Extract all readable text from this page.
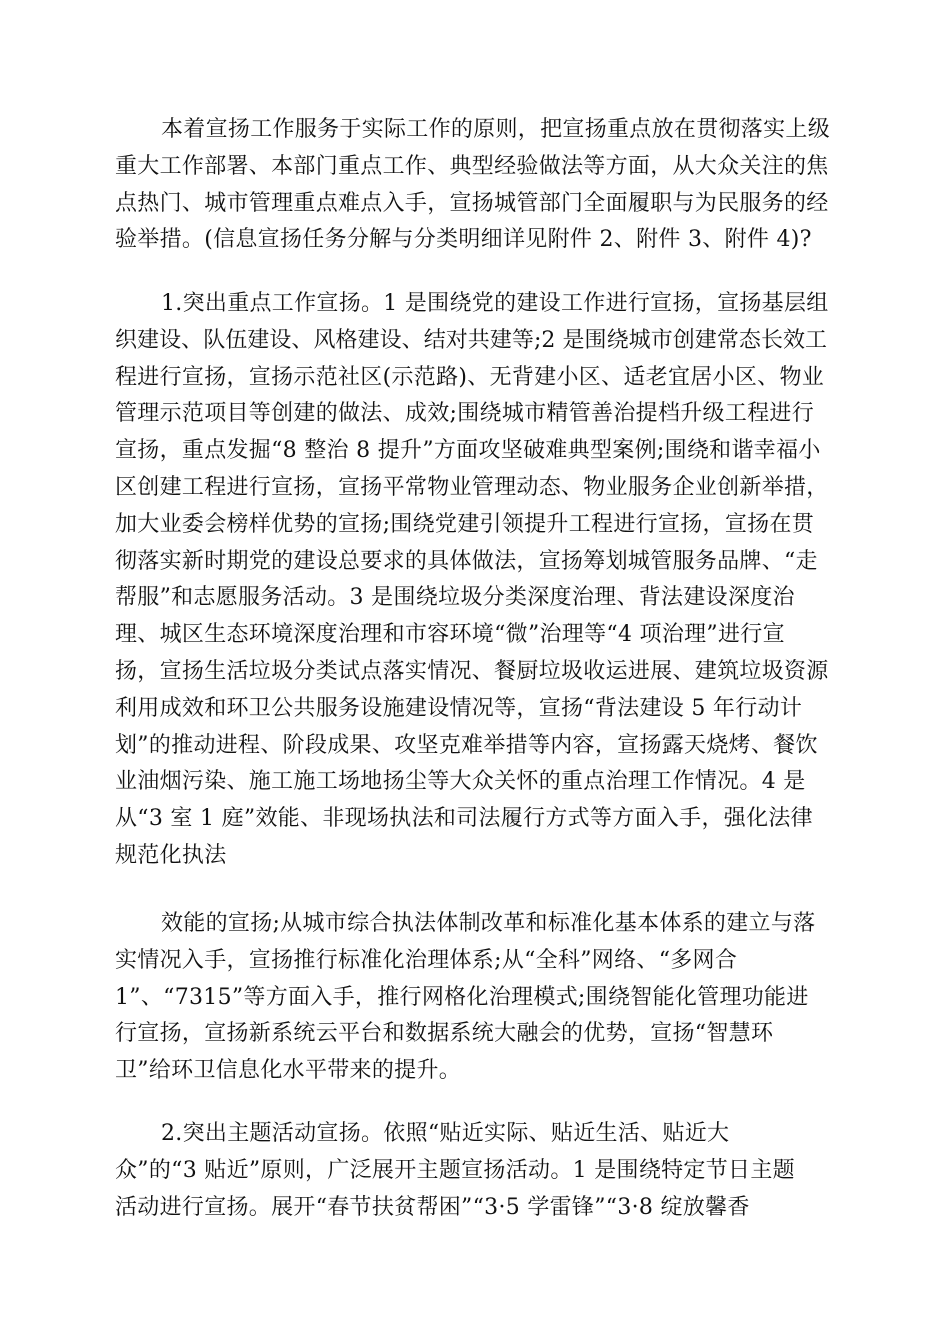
本着宣扬工作服务于实际工作的原则，把宣扬重点放在贯彻落实上级
重大工作部署、本部门重点工作、典型经验做法等方面，从大众关注的焦
点热门、城市管理重点难点入手，宣扬城管部门全面履职与为民服务的经
验举措。(信息宣扬任务分解与分类明细详见附件 2、附件 3、附件 4)?
1.突出重点工作宣扬。1 是围绕党的建设工作进行宣扬，宣扬基层组
织建设、队伍建设、风格建设、结对共建等;2 是围绕城市创建常态长效工
程进行宣扬，宣扬示范社区(示范路)、无背建小区、适老宜居小区、物业
管理示范项目等创建的做法、成效;围绕城市精管善治提档升级工程进行
宣扬，重点发掘“8 整治 8 提升”方面攻坚破难典型案例;围绕和谐幸福小
区创建工程进行宣扬，宣扬平常物业管理动态、物业服务企业创新举措，
加大业委会榜样优势的宣扬;围绕党建引领提升工程进行宣扬，宣扬在贯
彻落实新时期党的建设总要求的具体做法，宣扬筹划城管服务品牌、“走
帮服”和志愿服务活动。3 是围绕垃圾分类深度治理、背法建设深度治
理、城区生态环境深度治理和市容环境“微”治理等“4 项治理”进行宣
扬，宣扬生活垃圾分类试点落实情况、餐厨垃圾收运进展、建筑垃圾资源
利用成效和环卫公共服务设施建设情况等，宣扬“背法建设 5 年行动计
划”的推动进程、阶段成果、攻坚克难举措等内容，宣扬露天烧烤、餐饮
业油烟污染、施工施工场地扬尘等大众关怀的重点治理工作情况。4 是
从“3 室 1 庭”效能、非现场执法和司法履行方式等方面入手，强化法律
规范化执法
效能的宣扬;从城市综合执法体制改革和标准化基本体系的建立与落
实情况入手，宣扬推行标准化治理体系;从“全科”网络、“多网合
1”、“7315”等方面入手，推行网格化治理模式;围绕智能化管理功能进
行宣扬，宣扬新系统云平台和数据系统大融会的优势，宣扬“智慧环
卫”给环卫信息化水平带来的提升。
2.突出主题活动宣扬。依照“贴近实际、贴近生活、贴近大
众”的“3 贴近”原则，广泛展开主题宣扬活动。1 是围绕特定节日主题
活动进行宣扬。展开“春节扶贫帮困”“3·5 学雷锋”“3·8 绽放馨香
